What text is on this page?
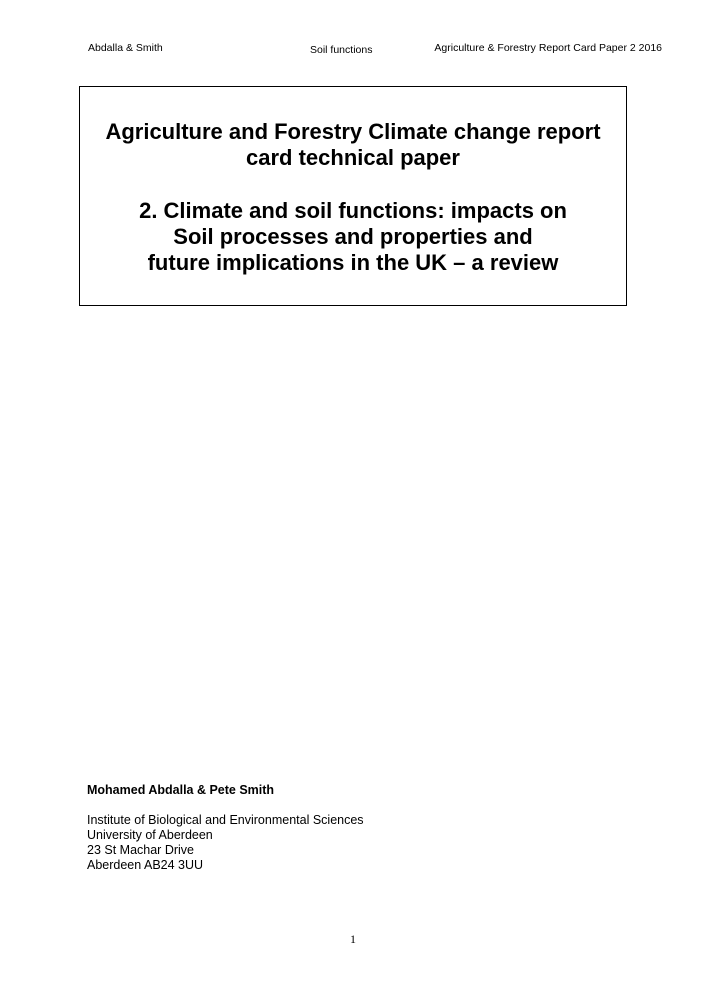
Abdalla & Smith	Soil functions	Agriculture & Forestry Report Card Paper 2 2016
Agriculture and Forestry Climate change report
card technical paper
2. Climate and soil functions: impacts on
Soil processes and properties and
future implications in the UK – a review
Mohamed Abdalla & Pete Smith
Institute of Biological and Environmental Sciences
University of Aberdeen
23 St Machar Drive
Aberdeen AB24 3UU
1
